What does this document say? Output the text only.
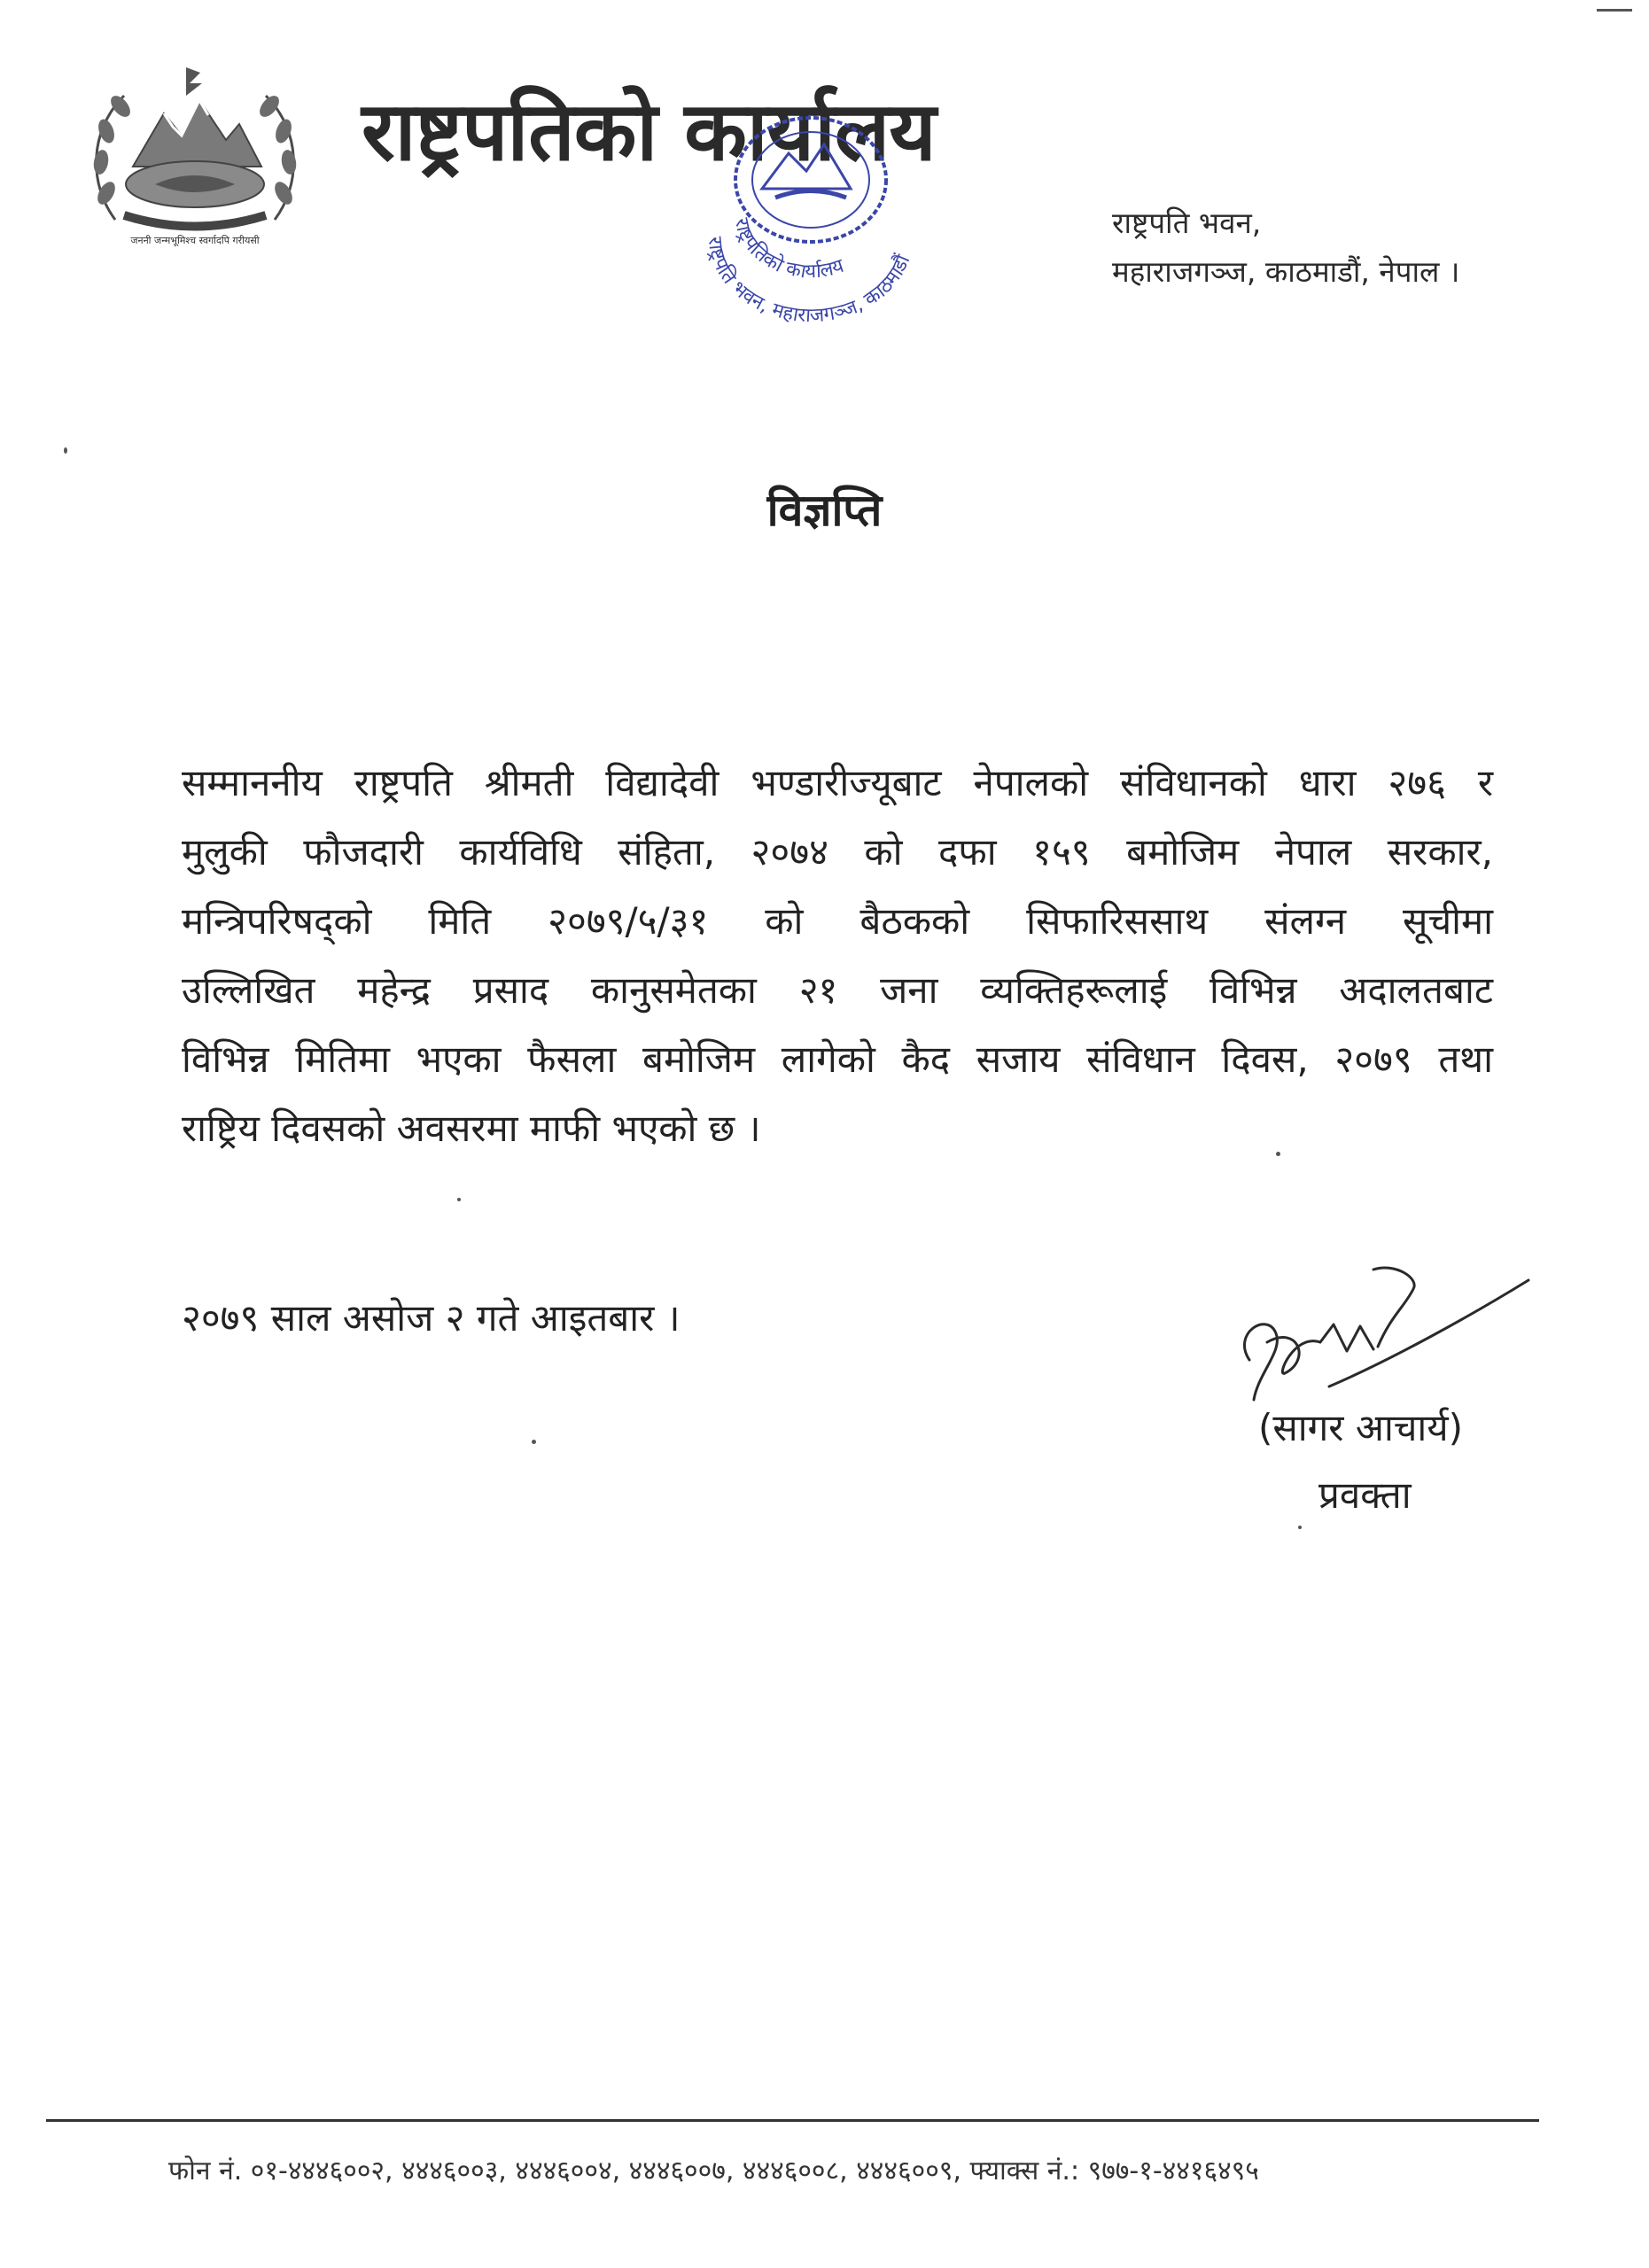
जननी जन्मभूमिश्च स्वर्गादपि गरीयसी
राष्ट्रपतिको कार्यालय
राष्ट्रपति भवन,
महाराजगञ्ज, काठमाडौं, नेपाल ।
राष्ट्रपतिको कार्यालय
राष्ट्रपति भवन, महाराजगञ्ज, काठमाडौं
विज्ञप्ति
सम्माननीय राष्ट्रपति श्रीमती विद्यादेवी भण्डारीज्यूबाट नेपालको संविधानको धारा २७६ र
मुलुकी फौजदारी कार्यविधि संहिता, २०७४ को दफा १५९ बमोजिम नेपाल सरकार,
मन्त्रिपरिषद्को मिति २०७९/५/३१ को बैठकको सिफारिससाथ संलग्न सूचीमा
उल्लिखित महेन्द्र प्रसाद कानुसमेतका २१ जना व्यक्तिहरूलाई विभिन्न अदालतबाट
विभिन्न मितिमा भएका फैसला बमोजिम लागेको कैद सजाय संविधान दिवस, २०७९ तथा
राष्ट्रिय दिवसको अवसरमा माफी भएको छ ।
२०७९ साल असोज २ गते आइतबार ।
(सागर आचार्य)
प्रवक्ता
फोन नं. ०१-४४४६००२, ४४४६००३, ४४४६००४, ४४४६००७, ४४४६००८, ४४४६००९, फ्याक्स नं.: ९७७-१-४४१६४९५
